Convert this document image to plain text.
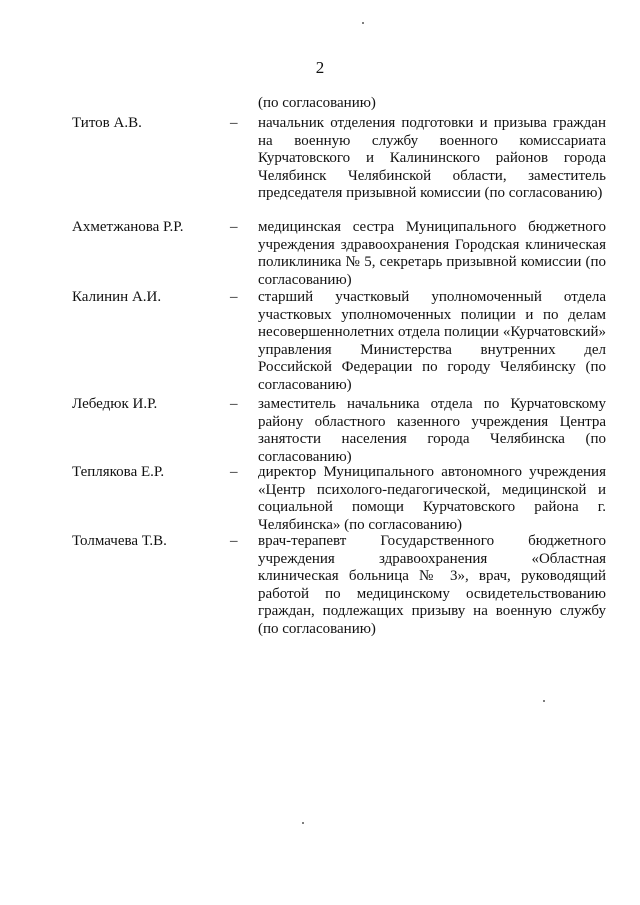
2
(по согласованию)
Титов А.В.	– начальник отделения подготовки и призыва граждан на военную службу военного комиссариата Курчатовского и Калининского районов города Челябинск Челябинской области, заместитель председателя призывной комиссии (по согласованию)
Ахметжанова Р.Р.	– медицинская сестра Муниципального бюджетного учреждения здравоохранения Городская клиническая поликлиника № 5, секретарь призывной комиссии (по согласованию)
Калинин А.И.	– старший участковый уполномоченный отдела участковых уполномоченных полиции и по делам несовершеннолетних отдела полиции «Курчатовский» управления Министерства внутренних дел Российской Федерации по городу Челябинску (по согласованию)
Лебедюк И.Р.	– заместитель начальника отдела по Курчатовскому району областного казенного учреждения Центра занятости населения города Челябинска (по согласованию)
Теплякова Е.Р.	– директор Муниципального автономного учреждения «Центр психолого-педагогической, медицинской и социальной помощи Курчатовского района г. Челябинска» (по согласованию)
Толмачева Т.В.	– врач-терапевт Государственного бюджетного учреждения здравоохранения «Областная клиническая больница № 3», врач, руководящий работой по медицинскому освидетельствованию граждан, подлежащих призыву на военную службу (по согласованию)
